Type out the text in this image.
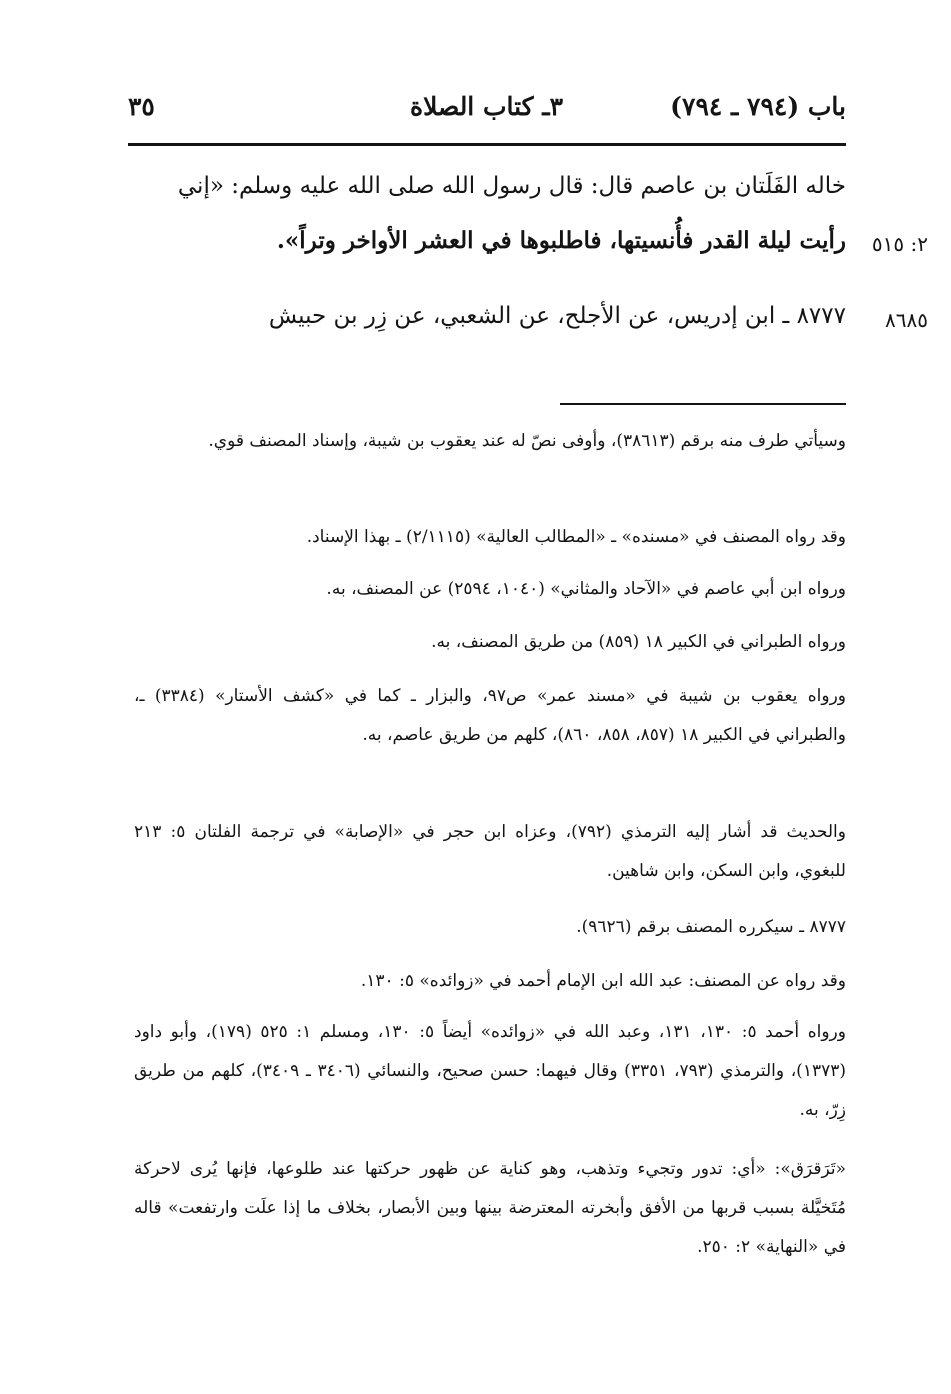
باب (٧٩٤ ـ ٧٩٤)
٣ـ كتاب الصلاة
٣٥
خاله الفَلَتان بن عاصم قال: قال رسول الله صلى الله عليه وسلم: «إني
رأيت ليلة القدر فأُنسيتها، فاطلبوها في العشر الأواخر وتراً».	٢: ٥١٥
٨٧٧٧ ـ ابن إدريس، عن الأجلح، عن الشعبي، عن زِر بن حبيش	٨٦٨٥
وسيأتي طرف منه برقم (٣٨٦١٣)، وأوفى نصّ له عند يعقوب بن شيبة، وإسناد المصنف قوي.
وقد رواه المصنف في «مسنده» ـ «المطالب العالية» (٢/١١١٥) ـ بهذا الإسناد.
ورواه ابن أبي عاصم في «الآحاد والمثاني» (١٠٤٠، ٢٥٩٤) عن المصنف، به.
ورواه الطبراني في الكبير ١٨ (٨٥٩) من طريق المصنف، به.
ورواه يعقوب بن شيبة في «مسند عمر» ص٩٧، والبزار ـ كما في «كشف الأستار» (٣٣٨٤) ـ، والطبراني في الكبير ١٨ (٨٥٧، ٨٥٨، ٨٦٠)، كلهم من طريق عاصم، به.
والحديث قد أشار إليه الترمذي (٧٩٢)، وعزاه ابن حجر في «الإصابة» في ترجمة الفلتان ٥: ٢١٣ للبغوي، وابن السكن، وابن شاهين.
٨٧٧٧ ـ سيكرره المصنف برقم (٩٦٢٦).
وقد رواه عن المصنف: عبد الله ابن الإمام أحمد في «زوائده» ٥: ١٣٠.
ورواه أحمد ٥: ١٣٠، ١٣١، وعبد الله في «زوائده» أيضاً ٥: ١٣٠، ومسلم ١: ٥٢٥ (١٧٩)، وأبو داود (١٣٧٣)، والترمذي (٧٩٣، ٣٣٥١) وقال فيهما: حسن صحيح، والنسائي (٣٤٠٦ ـ ٣٤٠٩)، كلهم من طريق زِرّ، به.
«تَرَقرَق»: «أي: تدور وتجيء وتذهب، وهو كناية عن ظهور حركتها عند طلوعها، فإنها يُرى لاحركة مُتَخيَّلة بسبب قربها من الأفق وأبخرته المعترضة بينها وبين الأبصار، بخلاف ما إذا علَت وارتفعت» قاله في «النهاية» ٢: ٢٥٠.
